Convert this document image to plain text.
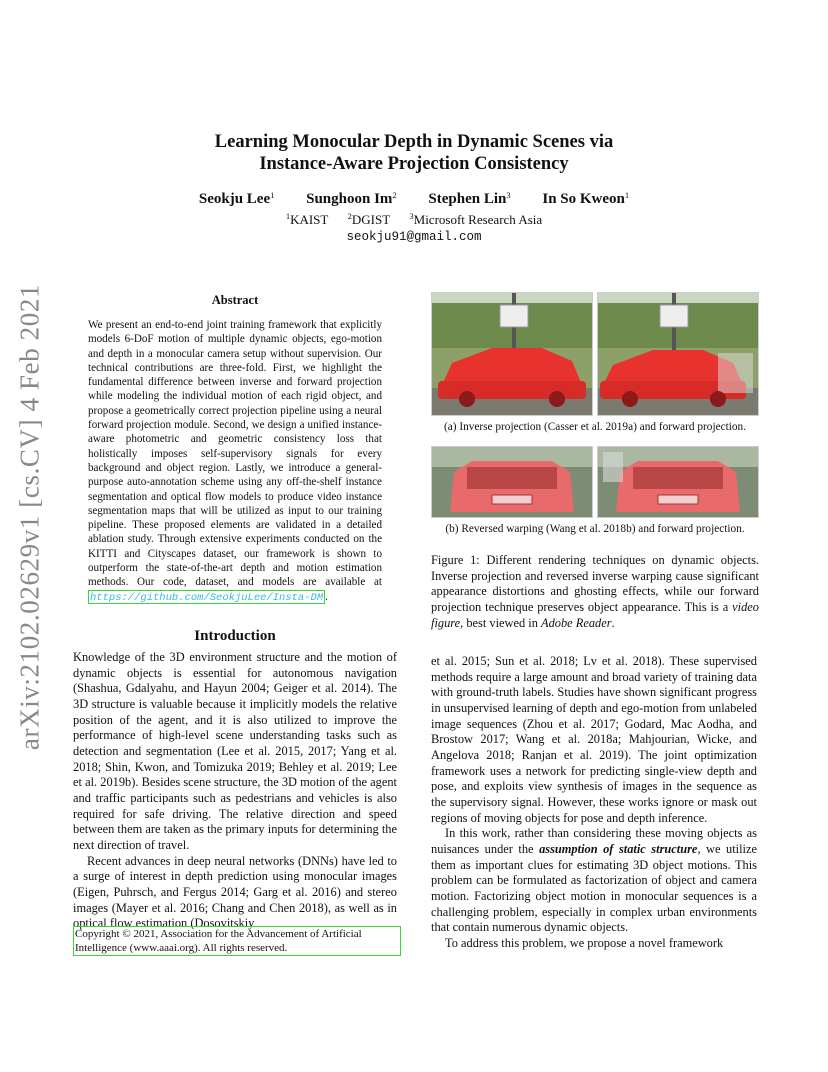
Learning Monocular Depth in Dynamic Scenes via
Instance-Aware Projection Consistency
Seokju Lee$^1$ Sunghoon Im$^2$ Stephen Lin$^3$ In So Kweon$^1$
$^1$KAIST $^2$DGIST $^3$Microsoft Research Asia
seokju91@gmail.com
arXiv:2102.02629v1 [cs.CV] 4 Feb 2021	Abstract
We present an end-to-end joint training framework that explicitly models 6-DoF motion of multiple dynamic objects, ego-motion and depth in a monocular camera setup without supervision. Our technical contributions are three-fold. First, we highlight the fundamental difference between inverse and forward projection while modeling the individual motion of each rigid object, and propose a geometrically correct projection pipeline using a neural forward projection module. Second, we design a unified instance-aware photometric and geometric consistency loss that holistically imposes self-supervisory signals for every background and object region. Lastly, we introduce a general-purpose auto-annotation scheme using any off-the-shelf instance segmentation and optical flow models to produce video instance segmentation maps that will be utilized as input to our training pipeline. These proposed elements are validated in a detailed ablation study. Through extensive experiments conducted on the KITTI and Cityscapes dataset, our framework is shown to outperform the state-of-the-art depth and motion estimation methods. Our code, dataset, and models are available at https://github.com/SeokjuLee/Insta-DM .
(a) Inverse projection (Casser et al. 2019a) and forward projection.
(b) Reversed warping (Wang et al. 2018b) and forward projection.
Figure 1: Different rendering techniques on dynamic objects. Inverse projection and reversed inverse warping cause significant appearance distortions and ghosting effects, while our forward projection technique preserves object appearance. This is a video figure, best viewed in Adobe Reader.
Introduction

Knowledge of the 3D environment structure and the motion of dynamic objects is essential for autonomous navigation (Shashua, Gdalyahu, and Hayun 2004; Geiger et al. 2014). The 3D structure is valuable because it implicitly models the relative position of the agent, and it is also utilized to improve the performance of high-level scene understanding tasks such as detection and segmentation (Lee et al. 2015, 2017; Yang et al. 2018; Shin, Kwon, and Tomizuka 2019; Behley et al. 2019; Lee et al. 2019b). Besides scene structure, the 3D motion of the agent and traffic participants such as pedestrians and vehicles is also required for safe driving. The relative direction and speed between them are taken as the primary inputs for determining the next direction of travel.

Recent advances in deep neural networks (DNNs) have led to a surge of interest in depth prediction using monocular images (Eigen, Puhrsch, and Fergus 2014; Garg et al. 2016) and stereo images (Mayer et al. 2016; Chang and Chen 2018), as well as in optical flow estimation (Dosovitskiy

Copyright © 2021, Association for the Advancement of Artificial Intelligence (www.aaai.org). All rights reserved.

et al. 2015; Sun et al. 2018; Lv et al. 2018). These supervised methods require a large amount and broad variety of training data with ground-truth labels. Studies have shown significant progress in unsupervised learning of depth and ego-motion from unlabeled image sequences (Zhou et al. 2017; Godard, Mac Aodha, and Brostow 2017; Wang et al. 2018a; Mahjourian, Wicke, and Angelova 2018; Ranjan et al. 2019). The joint optimization framework uses a network for predicting single-view depth and pose, and exploits view synthesis of images in the sequence as the supervisory signal. However, these works ignore or mask out regions of moving objects for pose and depth inference.

In this work, rather than considering these moving objects as nuisances under the assumption of static structure, we utilize them as important clues for estimating 3D object motions. This problem can be formulated as factorization of object and camera motion. Factorizing object motion in monocular sequences is a challenging problem, especially in complex urban environments that contain numerous dynamic objects.

To address this problem, we propose a novel framework
